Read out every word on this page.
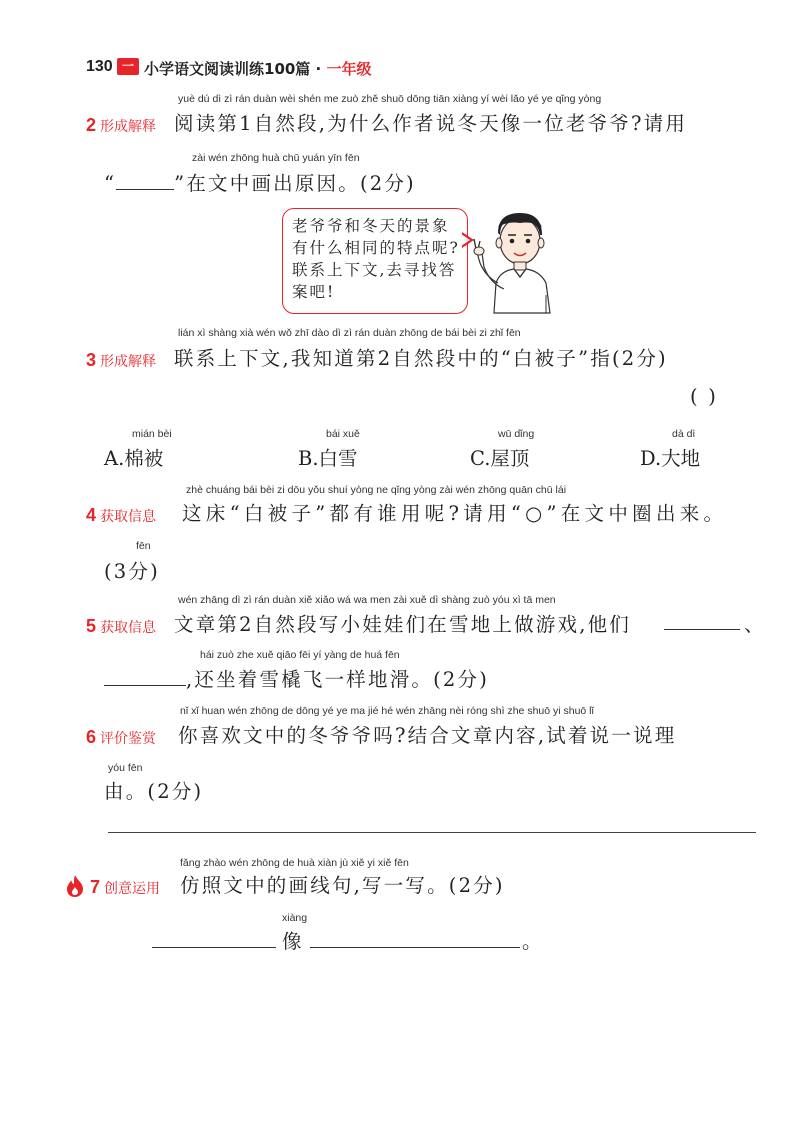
130 一本
小学语文阅读训练100篇 · 一年级
yuè dú dì zì rán duàn wèi shén me zuò zhě shuō dōng tiān xiàng yí wèi lǎo yé ye qǐng yòng
2 形成解释 阅读第1自然段,为什么作者说冬天像一位老爷爷?请用
zài wén zhōng huà chū yuán yīn fēn
“	”在文中画出原因。(2分)
老爷爷和冬天的景象有什么相同的特点呢?联系上下文,去寻找答案吧!
lián xì shàng xià wén wǒ zhī dào dì zì rán duàn zhōng de bái bèi zi zhǐ fēn
3 形成解释 联系上下文,我知道第2自然段中的“白被子”指(2分)
( )
mián bèi
A.棉被
bái xuě
B.白雪
wū dǐng
C.屋顶
dà dì
D.大地
zhè chuáng bái bèi zi dōu yǒu shuí yòng ne qǐng yòng zài wén zhōng quān chū lái
4 获取信息 这床“白被子”都有谁用呢?请用“○”在文中圈出来。
fēn
(3分)
wén zhāng dì zì rán duàn xiě xiǎo wá wa men zài xuě dì shàng zuò yóu xì tā men
5 获取信息 文章第2自然段写小娃娃们在雪地上做游戏,他们	、
hái zuò zhe xuě qiāo fēi yí yàng de huá fēn
,还坐着雪橇飞一样地滑。(2分)
nǐ xǐ huan wén zhōng de dōng yé ye ma jié hé wén zhāng nèi róng shì zhe shuō yi shuō lǐ
6 评价鉴赏 你喜欢文中的冬爷爷吗?结合文章内容,试着说一说理
yóu fēn
由。(2分)
fǎng zhào wén zhōng de huà xiàn jù xiě yi xiě fēn
7 创意运用 仿照文中的画线句,写一写。(2分)
xiàng
像	。
